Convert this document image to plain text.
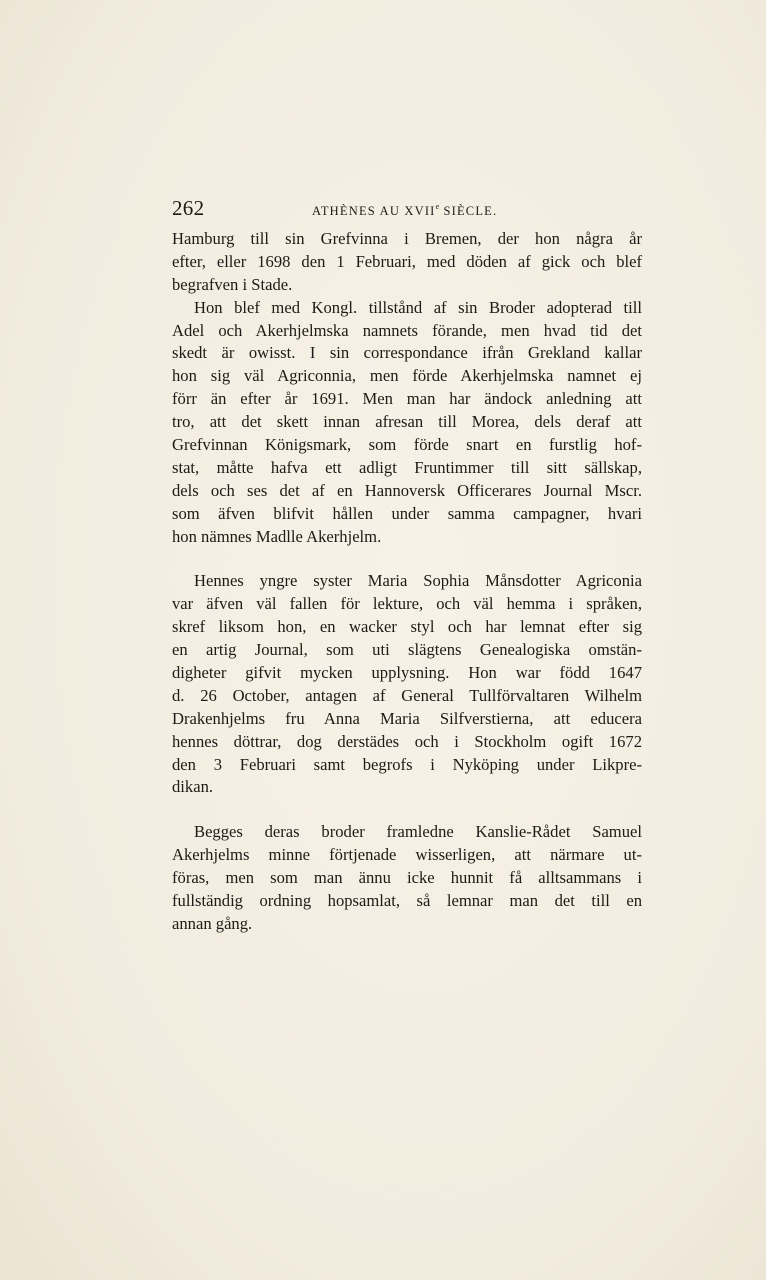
262	ATHÈNES AU XVIIe SIÈCLE.
Hamburg till sin Grefvinna i Bremen, der hon några år
efter, eller 1698 den 1 Februari, med döden af gick och blef
begrafven i Stade.
Hon blef med Kongl. tillstånd af sin Broder adopterad till
Adel och Akerhjelmska namnets förande, men hvad tid det
skedt är owisst. I sin correspondance ifrån Grekland kallar
hon sig väl Agriconnia, men förde Akerhjelmska namnet ej
förr än efter år 1691. Men man har ändock anledning att
tro, att det skett innan afresan till Morea, dels deraf att
Grefvinnan Königsmark, som förde snart en furstlig hof-
stat, måtte hafva ett adligt Fruntimmer till sitt sällskap,
dels och ses det af en Hannoversk Officerares Journal Mscr.
som äfven blifvit hållen under samma campagner, hvari
hon nämnes Madlle Akerhjelm.
Hennes yngre syster Maria Sophia Månsdotter Agriconia
var äfven väl fallen för lekture, och väl hemma i språken,
skref liksom hon, en wacker styl och har lemnat efter sig
en artig Journal, som uti slägtens Genealogiska omstän-
digheter gifvit mycken upplysning. Hon war född 1647
d. 26 October, antagen af General Tullförvaltaren Wilhelm
Drakenhjelms fru Anna Maria Silfverstierna, att educera
hennes döttrar, dog derstädes och i Stockholm ogift 1672
den 3 Februari samt begrofs i Nyköping under Likpre-
dikan.
Begges deras broder framledne Kanslie-Rådet Samuel
Akerhjelms minne förtjenade wisserligen, att närmare ut-
föras, men som man ännu icke hunnit få alltsammans i
fullständig ordning hopsamlat, så lemnar man det till en
annan gång.
